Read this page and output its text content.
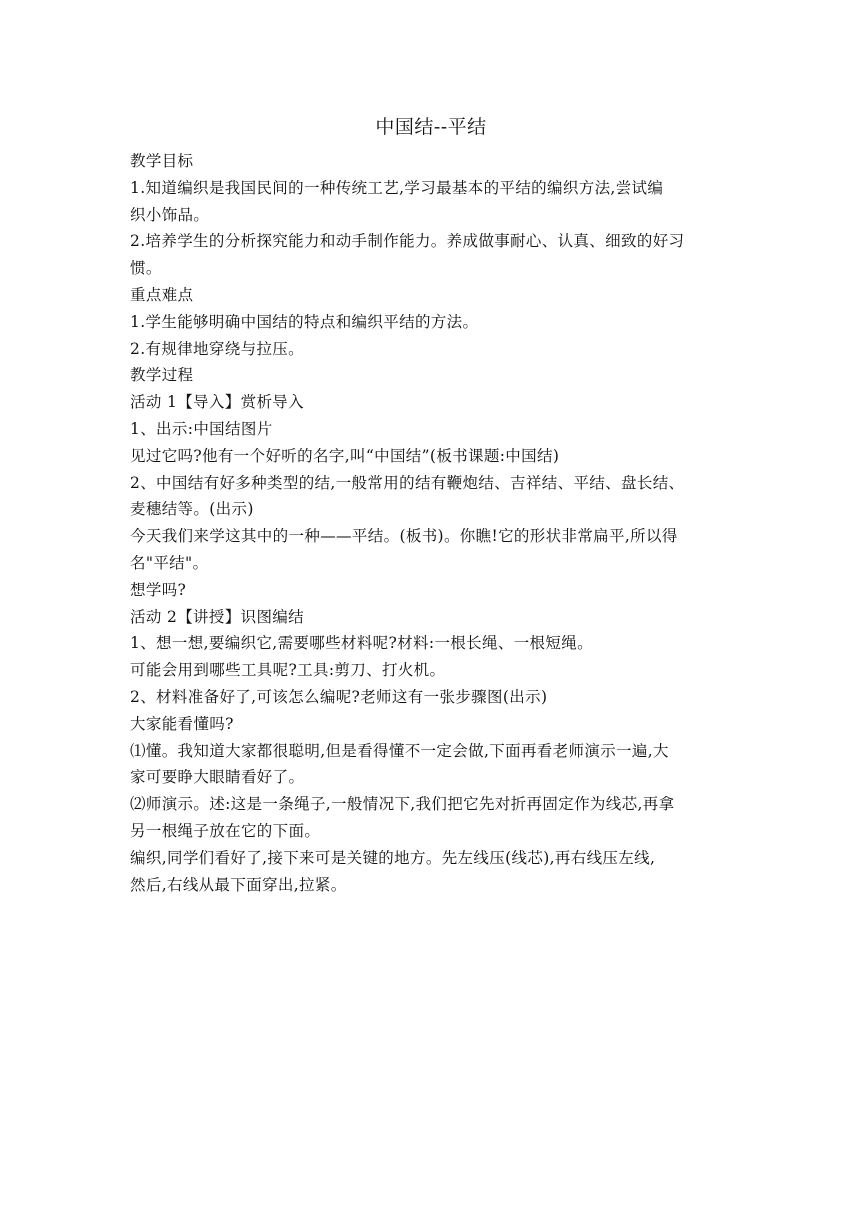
中国结--平结

教学目标

1.知道编织是我国民间的一种传统工艺,学习最基本的平结的编织方法,尝试编

织小饰品。

2.培养学生的分析探究能力和动手制作能力。养成做事耐心、认真、细致的好习

惯。

重点难点

1.学生能够明确中国结的特点和编织平结的方法。

2.有规律地穿绕与拉压。

教学过程

活动 1【导入】赏析导入

1、出示:中国结图片

见过它吗?他有一个好听的名字,叫“中国结”(板书课题:中国结)

2、中国结有好多种类型的结,一般常用的结有鞭炮结、吉祥结、平结、盘长结、

麦穗结等。(出示)

今天我们来学这其中的一种——平结。(板书)。你瞧!它的形状非常扁平,所以得

名"平结"。

想学吗?

活动 2【讲授】识图编结

1、想一想,要编织它,需要哪些材料呢?材料:一根长绳、一根短绳。

可能会用到哪些工具呢?工具:剪刀、打火机。

2、材料准备好了,可该怎么编呢?老师这有一张步骤图(出示)

大家能看懂吗?

⑴懂。我知道大家都很聪明,但是看得懂不一定会做,下面再看老师演示一遍,大

家可要睁大眼睛看好了。

⑵师演示。述:这是一条绳子,一般情况下,我们把它先对折再固定作为线芯,再拿

另一根绳子放在它的下面。

编织,同学们看好了,接下来可是关键的地方。先左线压(线芯),再右线压左线,

然后,右线从最下面穿出,拉紧。
